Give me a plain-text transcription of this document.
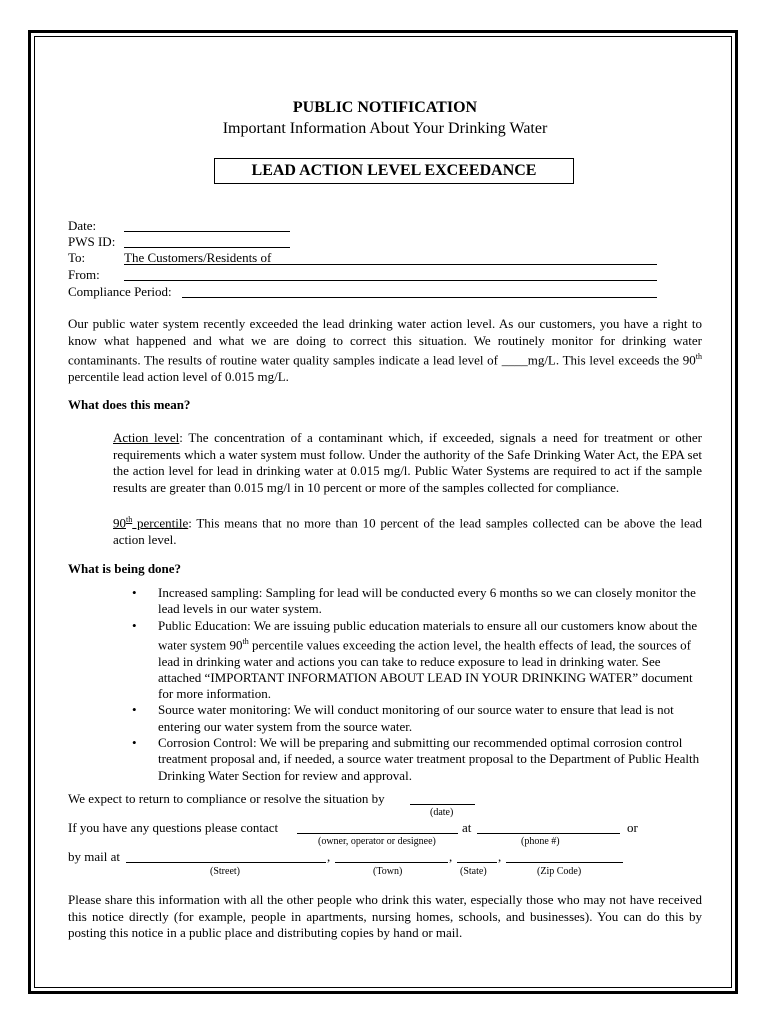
PUBLIC NOTIFICATION
Important Information About Your Drinking Water
LEAD ACTION LEVEL EXCEEDANCE
Date:
PWS ID:
To:	The Customers/Residents of
From:
Compliance Period:
Our public water system recently exceeded the lead drinking water action level. As our customers, you have a right to know what happened and what we are doing to correct this situation. We routinely monitor for drinking water contaminants. The results of routine water quality samples indicate a lead level of ____mg/L. This level exceeds the 90th percentile lead action level of 0.015 mg/L.
What does this mean?
Action level: The concentration of a contaminant which, if exceeded, signals a need for treatment or other requirements which a water system must follow. Under the authority of the Safe Drinking Water Act, the EPA set the action level for lead in drinking water at 0.015 mg/l. Public Water Systems are required to act if the sample results are greater than 0.015 mg/l in 10 percent or more of the samples collected for compliance.
90th percentile: This means that no more than 10 percent of the lead samples collected can be above the lead action level.
What is being done?
• Increased sampling: Sampling for lead will be conducted every 6 months so we can closely monitor the lead levels in our water system.
• Public Education: We are issuing public education materials to ensure all our customers know about the water system 90th percentile values exceeding the action level, the health effects of lead, the sources of lead in drinking water and actions you can take to reduce exposure to lead in drinking water. See attached “IMPORTANT INFORMATION ABOUT LEAD IN YOUR DRINKING WATER” document for more information.
• Source water monitoring: We will conduct monitoring of our source water to ensure that lead is not entering our water system from the source water.
• Corrosion Control: We will be preparing and submitting our recommended optimal corrosion control treatment proposal and, if needed, a source water treatment proposal to the Department of Public Health Drinking Water Section for review and approval.
We expect to return to compliance or resolve the situation by
(date)
If you have any questions please contact	at	or
(owner, operator or designee)	(phone #)
by mail at	,	,	,
(Street)	(Town)	(State)	(Zip Code)
Please share this information with all the other people who drink this water, especially those who may not have received this notice directly (for example, people in apartments, nursing homes, schools, and businesses). You can do this by posting this notice in a public place and distributing copies by hand or mail.
